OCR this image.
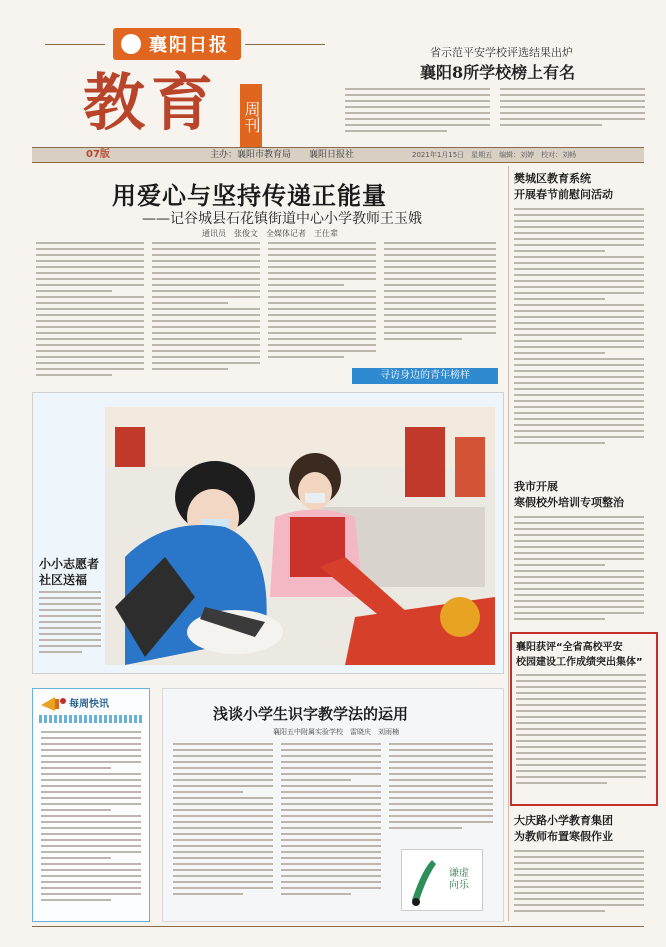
襄阳日报
教育 周刊
省示范平安学校评选结果出炉
襄阳8所学校榜上有名
07版	主办：襄阳市教育局　　襄阳日报社	2021年1月15日　星期五　编辑：刘婷　校对：刘畅
用爱心与坚持传递正能量
——记谷城县石花镇街道中心小学教师王玉娥
通讯员　张俊文　全媒体记者　王仕辈
寻访身边的青年榜样
小小志愿者
社区送福
每周快讯
浅谈小学生识字教学法的运用
襄阳五中附属实验学校　雷晓庆　刘雨楠
谦虚　向乐
樊城区教育系统
开展春节前慰问活动
我市开展
寒假校外培训专项整治
襄阳获评“全省高校平安
校园建设工作成绩突出集体”
大庆路小学教育集团
为教师布置寒假作业
